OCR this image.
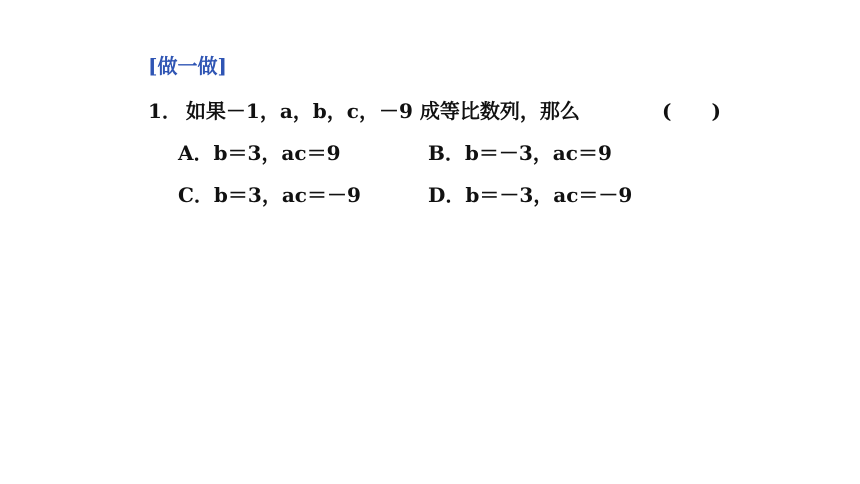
[做一做]
1． 如果－1，a，b，c，－9 成等比数列，那么	(　　)
A．b＝3，ac＝9	B．b＝－3，ac＝9
C．b＝3，ac＝－9	D．b＝－3，ac＝－9
